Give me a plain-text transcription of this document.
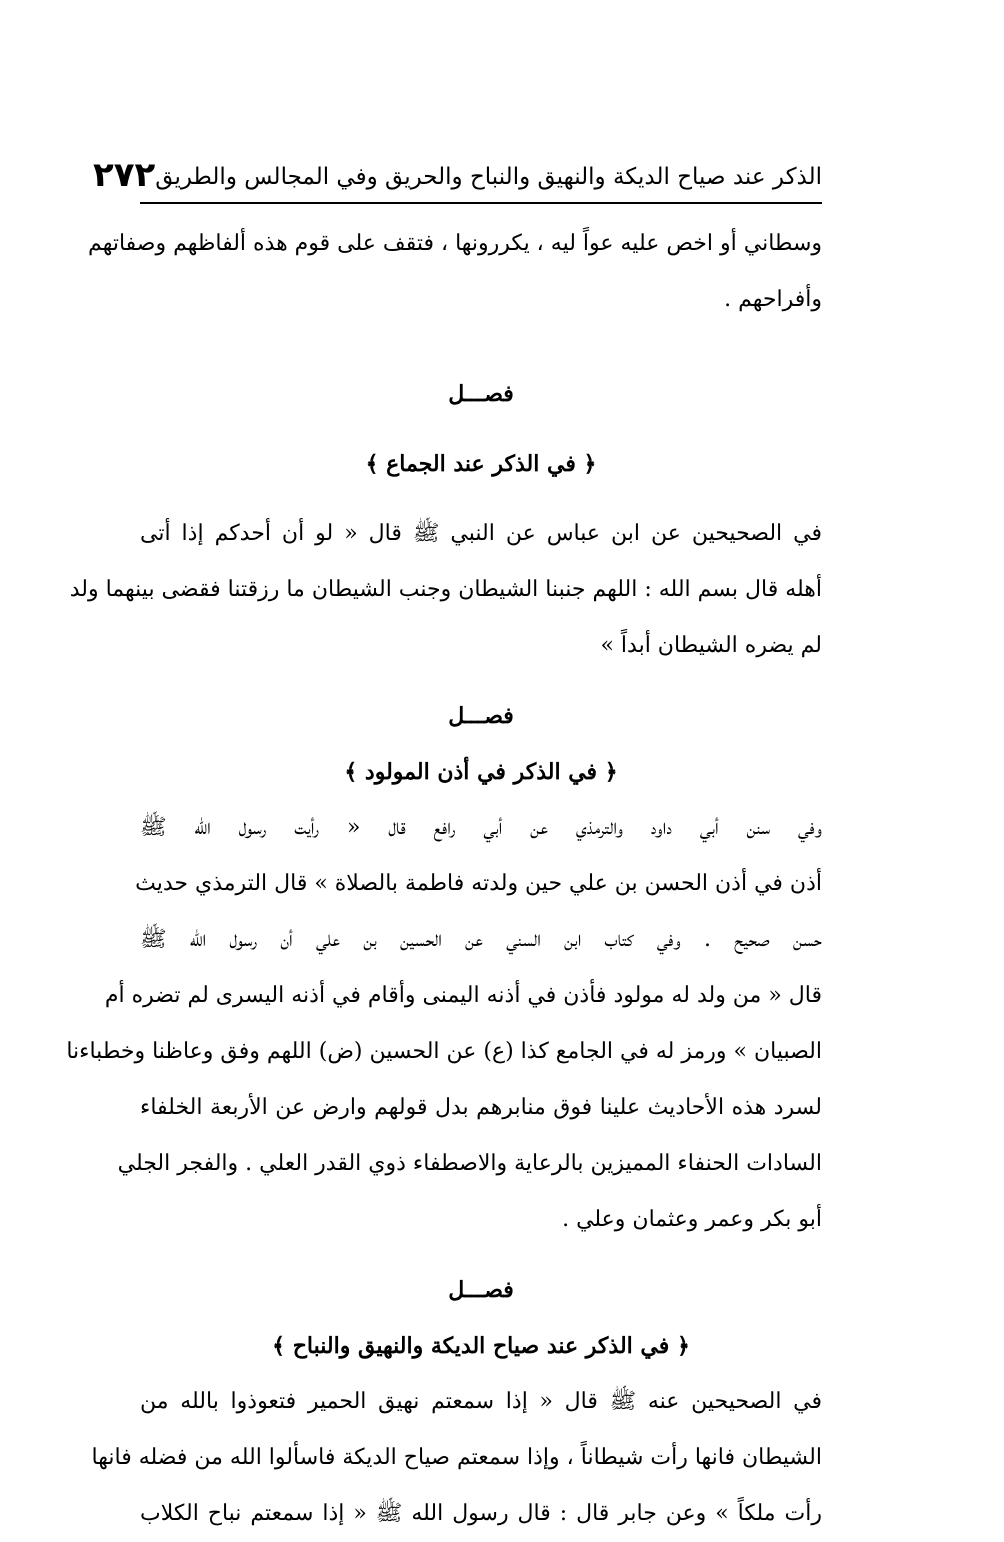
الذكر عند صياح الديكة والنهيق والنباح والحريق وفي المجالس والطريق
٢٧٢
وسطاني أو اخص عليه عواً ليه ، يكررونها ، فتقف على قوم هذه ألفاظهم وصفاتهم
وأفراحهم .
فصـــل
﴿ في الذكر عند الجماع ﴾
في الصحيحين عن ابن عباس عن النبي ﷺ قال « لو أن أحدكم إذا أتى
أهله قال بسم الله : اللهم جنبنا الشيطان وجنب الشيطان ما رزقتنا فقضى بينهما ولد
لم يضره الشيطان أبداً »
فصـــل
﴿ في الذكر في أذن المولود ﴾
وفي سنن أبي داود والترمذي عن أبي رافع قال « رأيت رسول الله ﷺ
أذن في أذن الحسن بن علي حين ولدته فاطمة بالصلاة » قال الترمذي حديث
حسن صحيح . وفي كتاب ابن السني عن الحسين بن علي أن رسول الله ﷺ
قال « من ولد له مولود فأذن في أذنه اليمنى وأقام في أذنه اليسرى لم تضره أم
الصبيان » ورمز له في الجامع كذا (ع) عن الحسين (ض) اللهم وفق وعاظنا وخطباءنا
لسرد هذه الأحاديث علينا فوق منابرهم بدل قولهم وارض عن الأربعة الخلفاء
السادات الحنفاء المميزين بالرعاية والاصطفاء ذوي القدر العلي . والفجر الجلي
أبو بكر وعمر وعثمان وعلي .
فصـــل
﴿ في الذكر عند صياح الديكة والنهيق والنباح ﴾
في الصحيحين عنه ﷺ قال « إذا سمعتم نهيق الحمير فتعوذوا بالله من
الشيطان فانها رأت شيطاناً ، وإذا سمعتم صياح الديكة فاسألوا الله من فضله فانها
رأت ملكاً » وعن جابر قال : قال رسول الله ﷺ « إذا سمعتم نباح الكلاب
